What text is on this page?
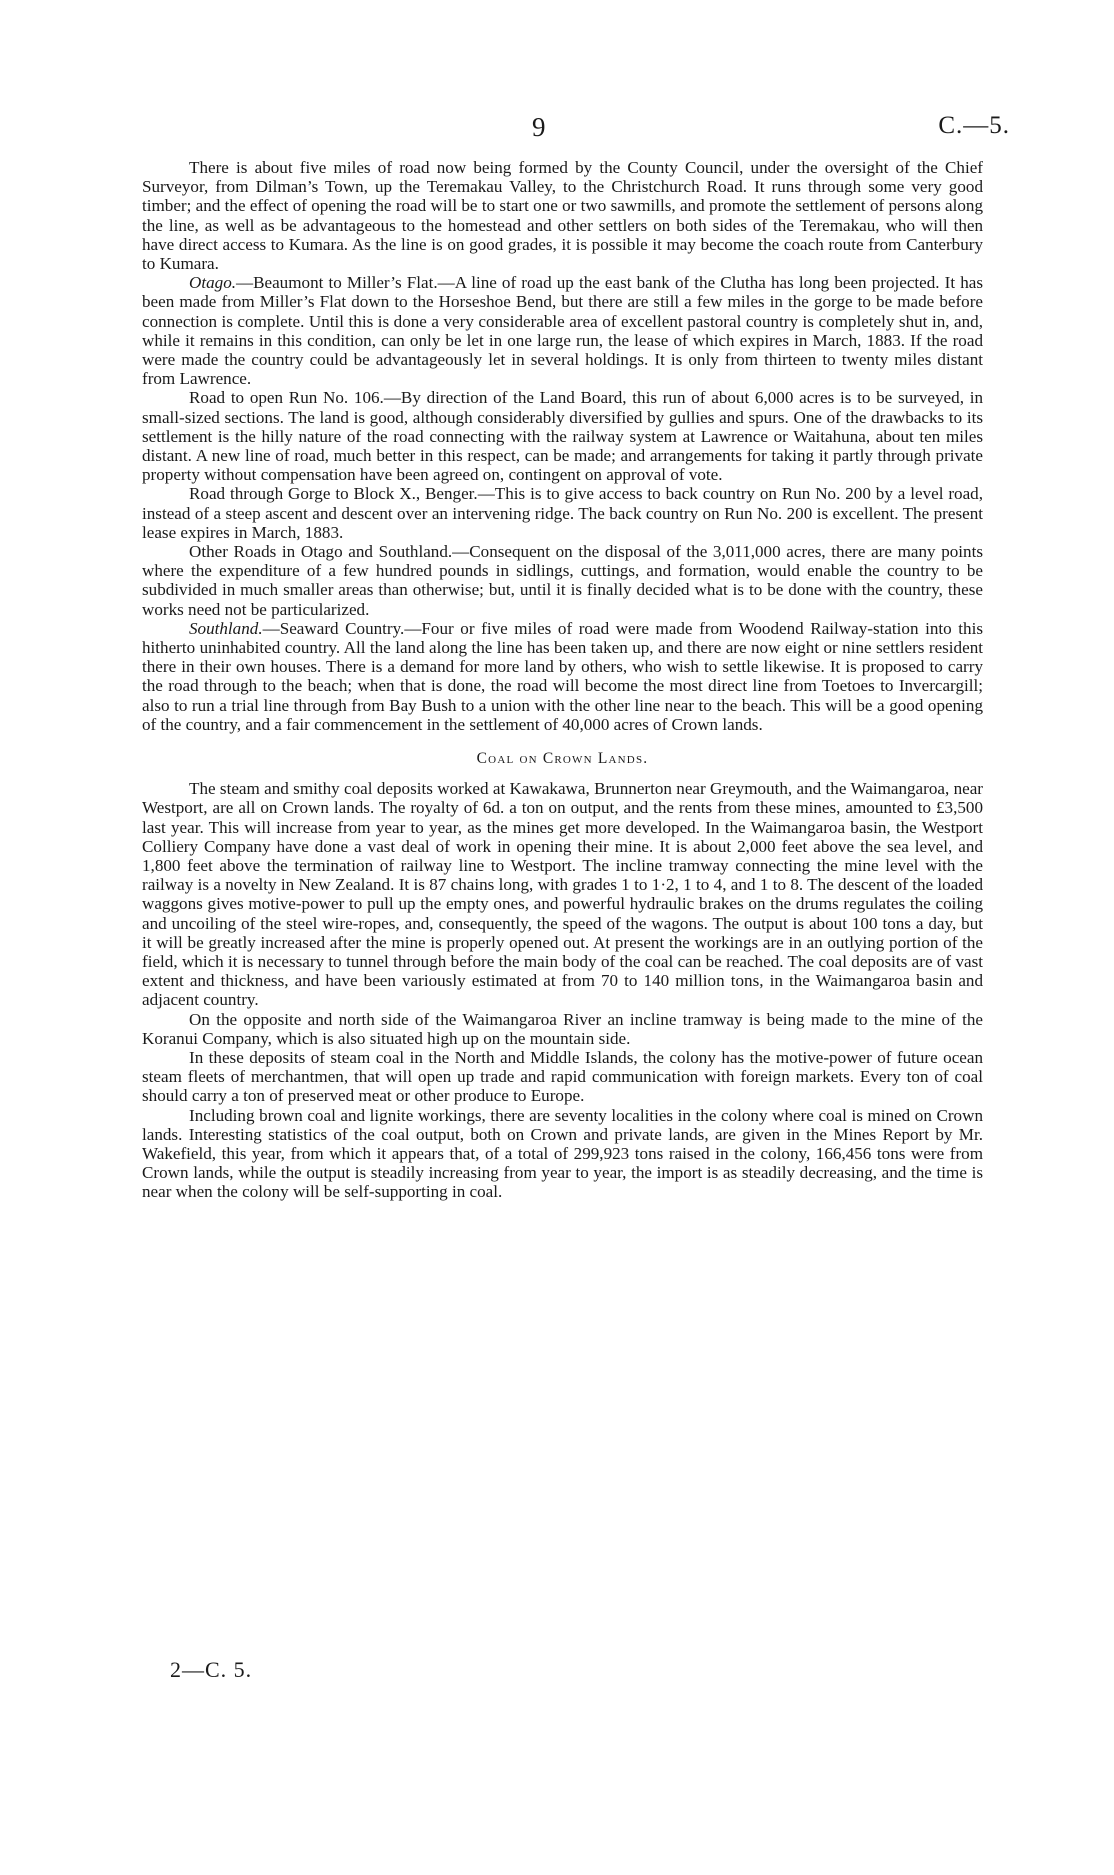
9	C.—5.

There is about five miles of road now being formed by the County Council, under the oversight of the Chief Surveyor, from Dilman’s Town, up the Teremakau Valley, to the Christchurch Road. It runs through some very good timber; and the effect of opening the road will be to start one or two sawmills, and promote the settlement of persons along the line, as well as be advantageous to the homestead and other settlers on both sides of the Teremakau, who will then have direct access to Kumara. As the line is on good grades, it is possible it may become the coach route from Canterbury to Kumara.

Otago.—Beaumont to Miller’s Flat.—A line of road up the east bank of the Clutha has long been projected. It has been made from Miller’s Flat down to the Horseshoe Bend, but there are still a few miles in the gorge to be made before connection is complete. Until this is done a very considerable area of excellent pastoral country is completely shut in, and, while it remains in this condition, can only be let in one large run, the lease of which expires in March, 1883. If the road were made the country could be advantageously let in several holdings. It is only from thirteen to twenty miles distant from Lawrence.

Road to open Run No. 106.—By direction of the Land Board, this run of about 6,000 acres is to be surveyed, in small-sized sections. The land is good, although considerably diversified by gullies and spurs. One of the drawbacks to its settlement is the hilly nature of the road connecting with the railway system at Lawrence or Waitahuna, about ten miles distant. A new line of road, much better in this respect, can be made; and arrangements for taking it partly through private property without compensation have been agreed on, contingent on approval of vote.

Road through Gorge to Block X., Benger.—This is to give access to back country on Run No. 200 by a level road, instead of a steep ascent and descent over an intervening ridge. The back country on Run No. 200 is excellent. The present lease expires in March, 1883.

Other Roads in Otago and Southland.—Consequent on the disposal of the 3,011,000 acres, there are many points where the expenditure of a few hundred pounds in sidlings, cuttings, and formation, would enable the country to be subdivided in much smaller areas than otherwise; but, until it is finally decided what is to be done with the country, these works need not be particularized.

Southland.—Seaward Country.—Four or five miles of road were made from Woodend Railway-station into this hitherto uninhabited country. All the land along the line has been taken up, and there are now eight or nine settlers resident there in their own houses. There is a demand for more land by others, who wish to settle likewise. It is proposed to carry the road through to the beach; when that is done, the road will become the most direct line from Toetoes to Invercargill; also to run a trial line through from Bay Bush to a union with the other line near to the beach. This will be a good opening of the country, and a fair commencement in the settlement of 40,000 acres of Crown lands.

Coal on Crown Lands.

The steam and smithy coal deposits worked at Kawakawa, Brunnerton near Greymouth, and the Waimangaroa, near Westport, are all on Crown lands. The royalty of 6d. a ton on output, and the rents from these mines, amounted to £3,500 last year. This will increase from year to year, as the mines get more developed. In the Waimangaroa basin, the Westport Colliery Company have done a vast deal of work in opening their mine. It is about 2,000 feet above the sea level, and 1,800 feet above the termination of railway line to Westport. The incline tramway connecting the mine level with the railway is a novelty in New Zealand. It is 87 chains long, with grades 1 to 1·2, 1 to 4, and 1 to 8. The descent of the loaded waggons gives motive-power to pull up the empty ones, and powerful hydraulic brakes on the drums regulates the coiling and uncoiling of the steel wire-ropes, and, consequently, the speed of the wagons. The output is about 100 tons a day, but it will be greatly increased after the mine is properly opened out. At present the workings are in an outlying portion of the field, which it is necessary to tunnel through before the main body of the coal can be reached. The coal deposits are of vast extent and thickness, and have been variously estimated at from 70 to 140 million tons, in the Waimangaroa basin and adjacent country.

On the opposite and north side of the Waimangaroa River an incline tramway is being made to the mine of the Koranui Company, which is also situated high up on the mountain side.

In these deposits of steam coal in the North and Middle Islands, the colony has the motive-power of future ocean steam fleets of merchantmen, that will open up trade and rapid communication with foreign markets. Every ton of coal should carry a ton of preserved meat or other produce to Europe.

Including brown coal and lignite workings, there are seventy localities in the colony where coal is mined on Crown lands. Interesting statistics of the coal output, both on Crown and private lands, are given in the Mines Report by Mr. Wakefield, this year, from which it appears that, of a total of 299,923 tons raised in the colony, 166,456 tons were from Crown lands, while the output is steadily increasing from year to year, the import is as steadily decreasing, and the time is near when the colony will be self-supporting in coal.

2—C. 5.
